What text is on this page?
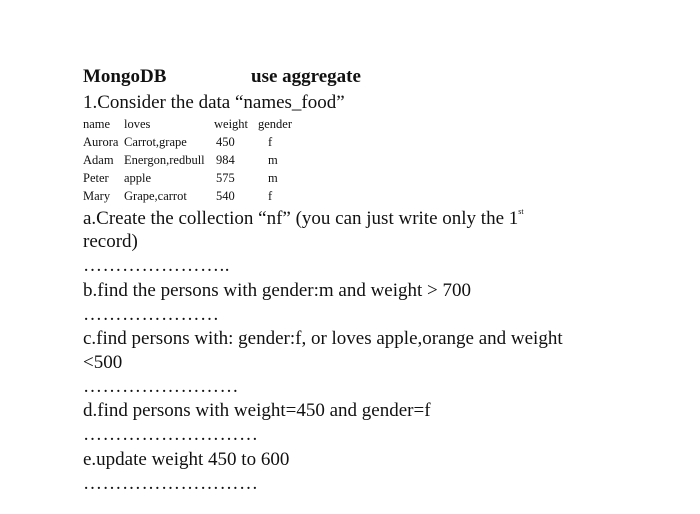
MongoDB	use aggregate
1.Consider the data “names_food”
name	loves	weight	gender
Aurora	Carrot,grape	450	f
Adam	Energon,redbull	984	m
Peter	apple	575	m
Mary	Grape,carrot	540	f
a.Create the collection “nf” (you can just write only the 1st
record)
…………………..
b.find the persons with gender:m and weight > 700
…………………
c.find persons with: gender:f, or loves apple,orange and weight
<500
……………………
d.find persons with weight=450 and gender=f
………………………
e.update weight 450 to 600
………………………
